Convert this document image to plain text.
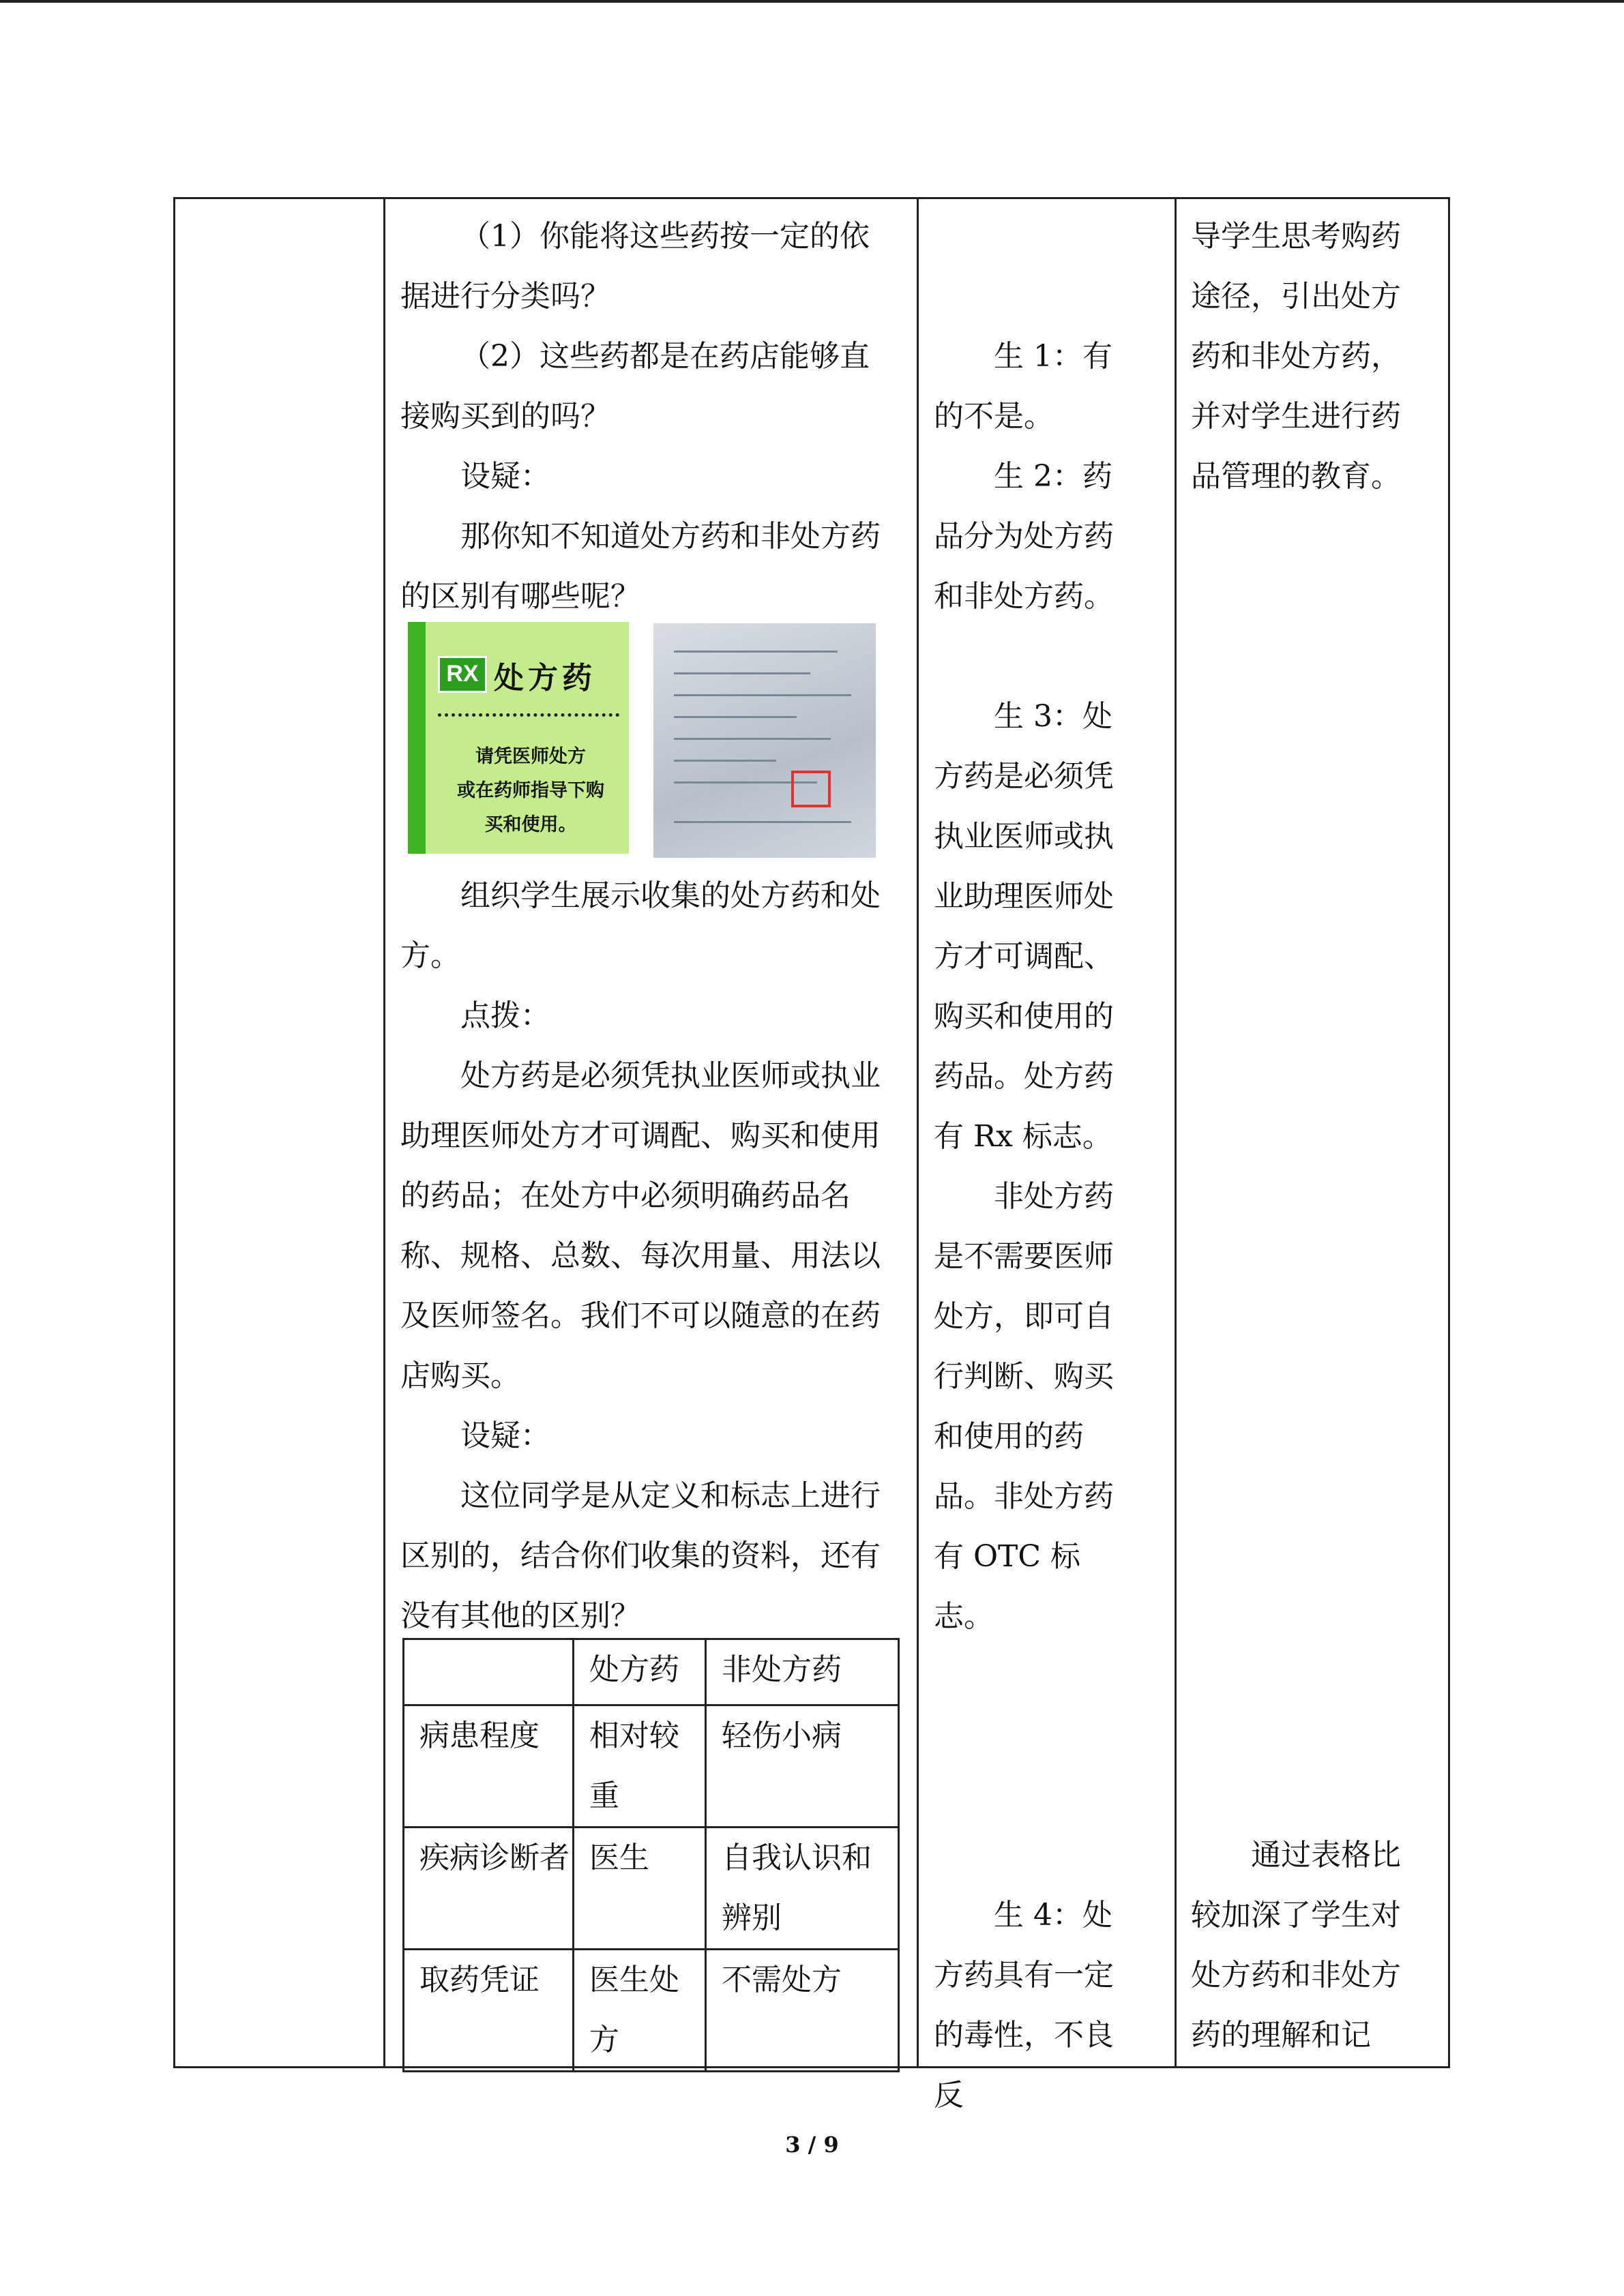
（1）你能将这些药按一定的依据进行分类吗？

（2）这些药都是在药店能够直接购买到的吗？

设疑：

那你知不知道处方药和非处方药的区别有哪些呢？

RX 处方药
请凭医师处方
或在药师指导下购
买和使用。

组织学生展示收集的处方药和处方。

点拨：

处方药是必须凭执业医师或执业助理医师处方才可调配、购买和使用的药品；在处方中必须明确药品名称、规格、总数、每次用量、用法以及医师签名。我们不可以随意的在药店购买。

设疑：

这位同学是从定义和标志上进行区别的，结合你们收集的资料，还有没有其他的区别？

	处方药	非处方药
病患程度	相对较重	轻伤小病
疾病诊断者	医生	自我认识和辨别
取药凭证	医生处方	不需处方

生 1：有的不是。

生 2：药品分为处方药和非处方药。

生 3：处方药是必须凭执业医师或执业助理医师处方才可调配、购买和使用的药品。处方药有 Rx 标志。

非处方药是不需要医师处方，即可自行判断、购买和使用的药品。非处方药有 OTC 标志。

生 4：处方药具有一定的毒性，不良反

导学生思考购药途径，引出处方药和非处方药，并对学生进行药品管理的教育。

通过表格比较加深了学生对处方药和非处方药的理解和记

3 / 9
